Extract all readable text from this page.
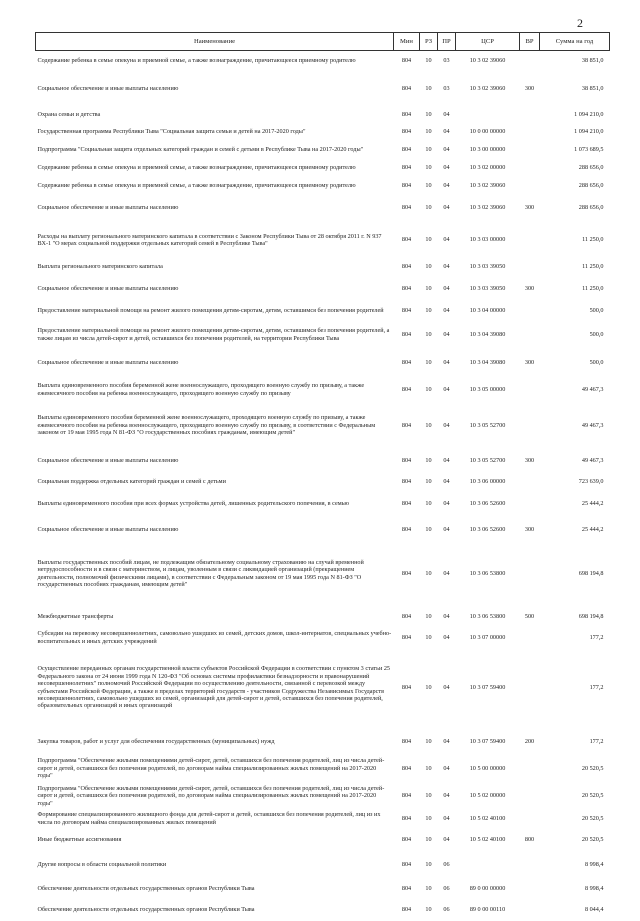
2
Наименование	Мин	РЗ	ПР	ЦСР	ВР	Сумма на год
Содержание ребенка в семье опекуна и приемной семье, а также вознаграждение, причитающееся приемному родителю	804	10	03	10 3 02 39060		38 851,0
Социальное обеспечение и иные выплаты населению	804	10	03	10 3 02 39060	300	38 851,0
Охрана семьи и детства	804	10	04			1 094 210,0
Государственная программа Республики Тыва "Социальная защита семьи и детей на 2017-2020 годы"	804	10	04	10 0 00 00000		1 094 210,0
Подпрограмма "Социальная защита отдельных категорий граждан и семей с детьми в Республике Тыва на 2017-2020 годы"	804	10	04	10 3 00 00000		1 073 689,5
Содержание ребенка в семье опекуна и приемной семье, а также вознаграждение, причитающееся приемному родителю	804	10	04	10 3 02 00000		288 656,0
Содержание ребенка в семье опекуна и приемной семье, а также вознаграждение, причитающееся приемному родителю	804	10	04	10 3 02 39060		288 656,0
Социальное обеспечение и иные выплаты населению	804	10	04	10 3 02 39060	300	288 656,0
Расходы на выплату регионального материнского капитала в соответствии с Законом Республики Тыва от 28 октября 2011 г. N 937 ВХ-1 "О мерах социальной поддержки отдельных категорий семей в Республике Тыва"	804	10	04	10 3 03 00000		11 250,0
Выплата регионального материнского капитала	804	10	04	10 3 03 39050		11 250,0
Социальное обеспечение и иные выплаты населению	804	10	04	10 3 03 39050	300	11 250,0
Предоставление материальной помощи на ремонт жилого помещения детям-сиротам, детям, оставшимся без попечения родителей	804	10	04	10 3 04 00000		500,0
Предоставление материальной помощи на ремонт жилого помещения детям-сиротам, детям, оставшимся без попечения родителей, а также лицам из числа детей-сирот и детей, оставшихся без попечения родителей, на территории Республики Тыва	804	10	04	10 3 04 39080		500,0
Социальное обеспечение и иные выплаты населению	804	10	04	10 3 04 39080	300	500,0
Выплата единовременного пособия беременной жене военнослужащего, проходящего военную службу по призыву, а также ежемесячного пособия на ребенка военнослужащего, проходящего военную службу по призыву	804	10	04	10 3 05 00000		49 467,3
Выплаты единовременного пособия беременной жене военнослужащего, проходящего военную службу по призыву, а также ежемесячного пособия на ребенка военнослужащего, проходящего военную службу по призыву, в соответствии с Федеральным законом от 19 мая 1995 года N 81-ФЗ "О государственных пособиях гражданам, имеющим детей"	804	10	04	10 3 05 52700		49 467,3
Социальное обеспечение и иные выплаты населению	804	10	04	10 3 05 52700	300	49 467,3
Социальная поддержка отдельных категорий граждан и семей с детьми	804	10	04	10 3 06 00000		723 639,0
Выплаты единовременного пособия при всех формах устройства детей, лишенных родительского попечения, в семью	804	10	04	10 3 06 52600		25 444,2
Социальное обеспечение и иные выплаты населению	804	10	04	10 3 06 52600	300	25 444,2
Выплаты государственных пособий лицам, не подлежащим обязательному социальному страхованию на случай временной нетрудоспособности и в связи с материнством, и лицам, уволенным в связи с ликвидацией организаций (прекращением деятельности, полномочий физическими лицами), в соответствии с Федеральным законом от 19 мая 1995 года N 81-ФЗ "О государственных пособиях гражданам, имеющим детей"	804	10	04	10 3 06 53800		698 194,8
Межбюджетные трансферты	804	10	04	10 3 06 53800	500	698 194,8
Субсидии на перевозку несовершеннолетних, самовольно ушедших из семей, детских домов, школ-интернатов, специальных учебно-воспитательных и иных детских учреждений	804	10	04	10 3 07 00000		177,2
Осуществление переданных органам государственной власти субъектов Российской Федерации в соответствии с пунктом 3 статьи 25 Федерального закона от 24 июня 1999 года N 120-ФЗ "Об основах системы профилактики безнадзорности и правонарушений несовершеннолетних" полномочий Российской Федерации по осуществлению деятельности, связанной с перевозкой между субъектами Российской Федерации, а также в пределах территорий государств - участников Содружества Независимых Государств несовершеннолетних, самовольно ушедших из семей, организаций для детей-сирот и детей, оставшихся без попечения родителей, образовательных организаций и иных организаций	804	10	04	10 3 07 59400		177,2
Закупка товаров, работ и услуг для обеспечения государственных (муниципальных) нужд	804	10	04	10 3 07 59400	200	177,2
Подпрограмма "Обеспечение жилыми помещениями детей-сирот, детей, оставшихся без попечения родителей, лиц из числа детей-сирот и детей, оставшихся без попечения родителей, по договорам найма специализированных жилых помещений на 2017-2020 годы"	804	10	04	10 5 00 00000		20 520,5
Подпрограмма "Обеспечение жилыми помещениями детей-сирот, детей, оставшихся без попечения родителей, лиц из числа детей-сирот и детей, оставшихся без попечения родителей, по договорам найма специализированных жилых помещений на 2017-2020 годы"	804	10	04	10 5 02 00000		20 520,5
Формирование специализированного жилищного фонда для детей-сирот и детей, оставшихся без попечения родителей, лиц из их числа по договорам найма специализированных жилых помещений	804	10	04	10 5 02 40100		20 520,5
Иные бюджетные ассигнования	804	10	04	10 5 02 40100	800	20 520,5
Другие вопросы в области социальной политики	804	10	06			8 998,4
Обеспечение деятельности отдельных государственных органов Республики Тыва	804	10	06	89 0 00 00000		8 998,4
Обеспечение деятельности отдельных государственных органов Республики Тыва	804	10	06	89 0 00 00110		8 044,4
